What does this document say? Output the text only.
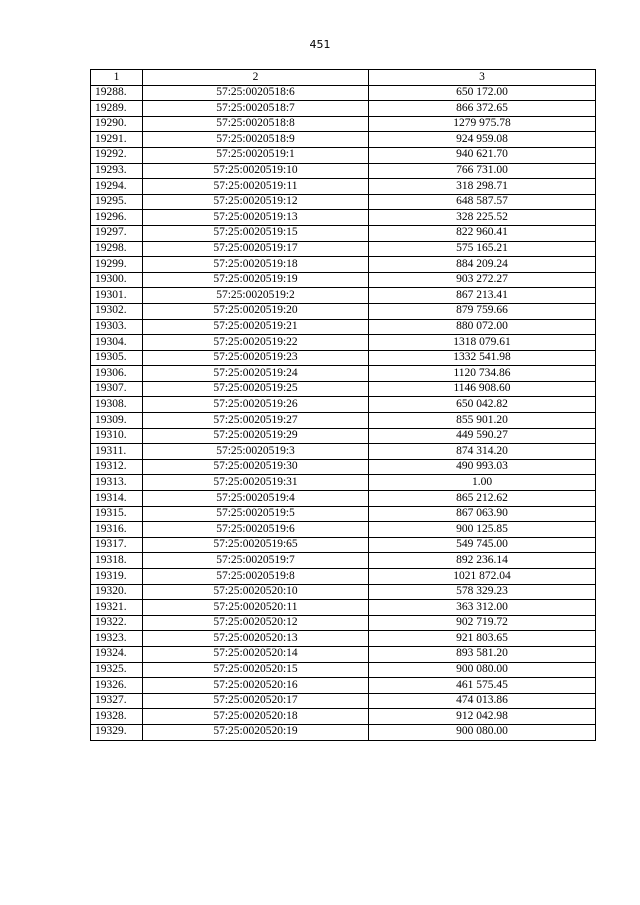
451
1	2	3
19288.	57:25:0020518:6	650 172.00
19289.	57:25:0020518:7	866 372.65
19290.	57:25:0020518:8	1279 975.78
19291.	57:25:0020518:9	924 959.08
19292.	57:25:0020519:1	940 621.70
19293.	57:25:0020519:10	766 731.00
19294.	57:25:0020519:11	318 298.71
19295.	57:25:0020519:12	648 587.57
19296.	57:25:0020519:13	328 225.52
19297.	57:25:0020519:15	822 960.41
19298.	57:25:0020519:17	575 165.21
19299.	57:25:0020519:18	884 209.24
19300.	57:25:0020519:19	903 272.27
19301.	57:25:0020519:2	867 213.41
19302.	57:25:0020519:20	879 759.66
19303.	57:25:0020519:21	880 072.00
19304.	57:25:0020519:22	1318 079.61
19305.	57:25:0020519:23	1332 541.98
19306.	57:25:0020519:24	1120 734.86
19307.	57:25:0020519:25	1146 908.60
19308.	57:25:0020519:26	650 042.82
19309.	57:25:0020519:27	855 901.20
19310.	57:25:0020519:29	449 590.27
19311.	57:25:0020519:3	874 314.20
19312.	57:25:0020519:30	490 993.03
19313.	57:25:0020519:31	1.00
19314.	57:25:0020519:4	865 212.62
19315.	57:25:0020519:5	867 063.90
19316.	57:25:0020519:6	900 125.85
19317.	57:25:0020519:65	549 745.00
19318.	57:25:0020519:7	892 236.14
19319.	57:25:0020519:8	1021 872.04
19320.	57:25:0020520:10	578 329.23
19321.	57:25:0020520:11	363 312.00
19322.	57:25:0020520:12	902 719.72
19323.	57:25:0020520:13	921 803.65
19324.	57:25:0020520:14	893 581.20
19325.	57:25:0020520:15	900 080.00
19326.	57:25:0020520:16	461 575.45
19327.	57:25:0020520:17	474 013.86
19328.	57:25:0020520:18	912 042.98
19329.	57:25:0020520:19	900 080.00
